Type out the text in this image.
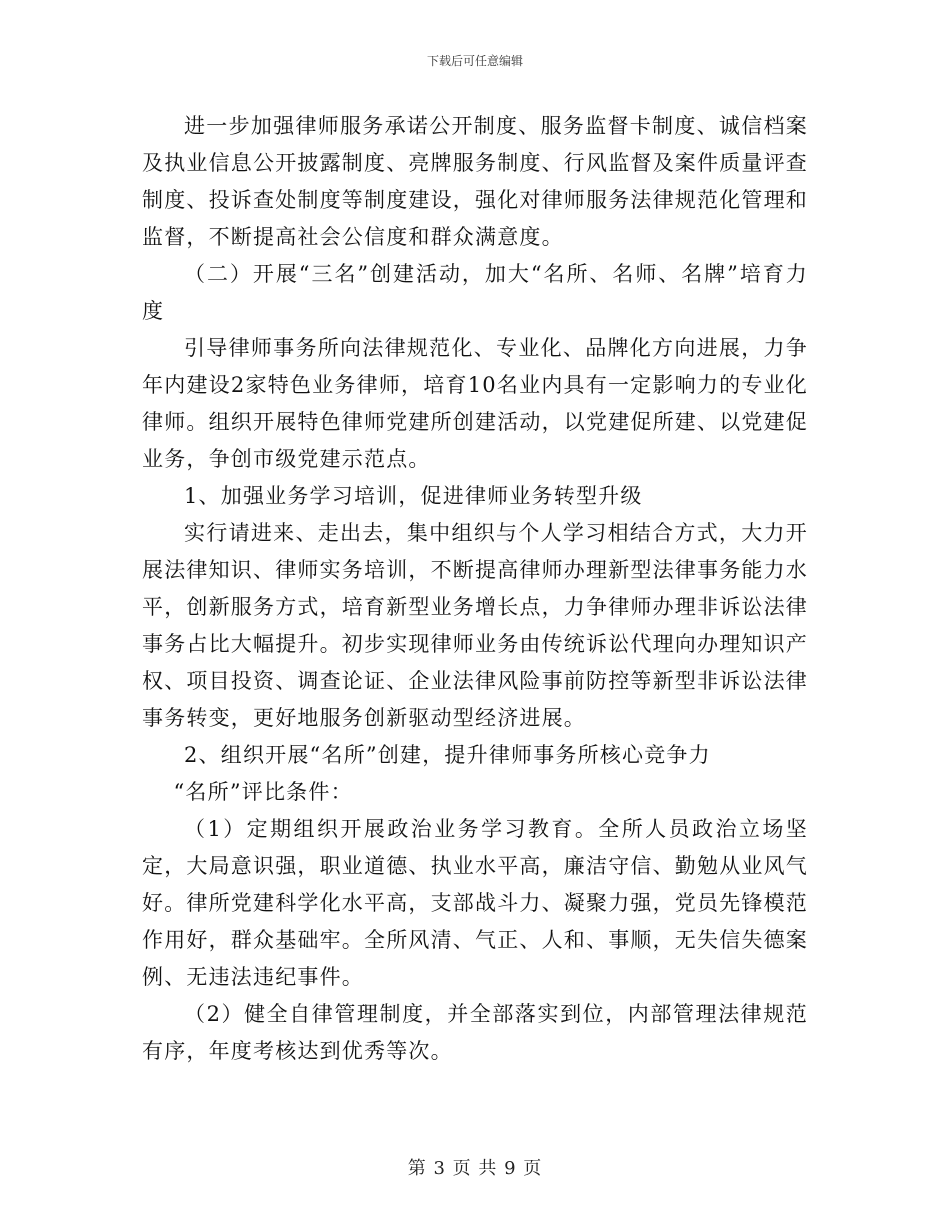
下载后可任意编辑

进一步加强律师服务承诺公开制度、服务监督卡制度、诚信档案及执业信息公开披露制度、亮牌服务制度、行风监督及案件质量评查制度、投诉查处制度等制度建设，强化对律师服务法律规范化管理和监督，不断提高社会公信度和群众满意度。

（二）开展“三名”创建活动，加大“名所、名师、名牌”培育力度

引导律师事务所向法律规范化、专业化、品牌化方向进展，力争年内建设2家特色业务律师，培育10名业内具有一定影响力的专业化律师。组织开展特色律师党建所创建活动，以党建促所建、以党建促业务，争创市级党建示范点。

1、加强业务学习培训，促进律师业务转型升级

实行请进来、走出去，集中组织与个人学习相结合方式，大力开展法律知识、律师实务培训，不断提高律师办理新型法律事务能力水平，创新服务方式，培育新型业务增长点，力争律师办理非诉讼法律事务占比大幅提升。初步实现律师业务由传统诉讼代理向办理知识产权、项目投资、调查论证、企业法律风险事前防控等新型非诉讼法律事务转变，更好地服务创新驱动型经济进展。

2、组织开展“名所”创建，提升律师事务所核心竞争力

“名所”评比条件：

（1）定期组织开展政治业务学习教育。全所人员政治立场坚定，大局意识强，职业道德、执业水平高，廉洁守信、勤勉从业风气好。律所党建科学化水平高，支部战斗力、凝聚力强，党员先锋模范作用好，群众基础牢。全所风清、气正、人和、事顺，无失信失德案例、无违法违纪事件。

（2）健全自律管理制度，并全部落实到位，内部管理法律规范有序，年度考核达到优秀等次。

第 3 页 共 9 页
